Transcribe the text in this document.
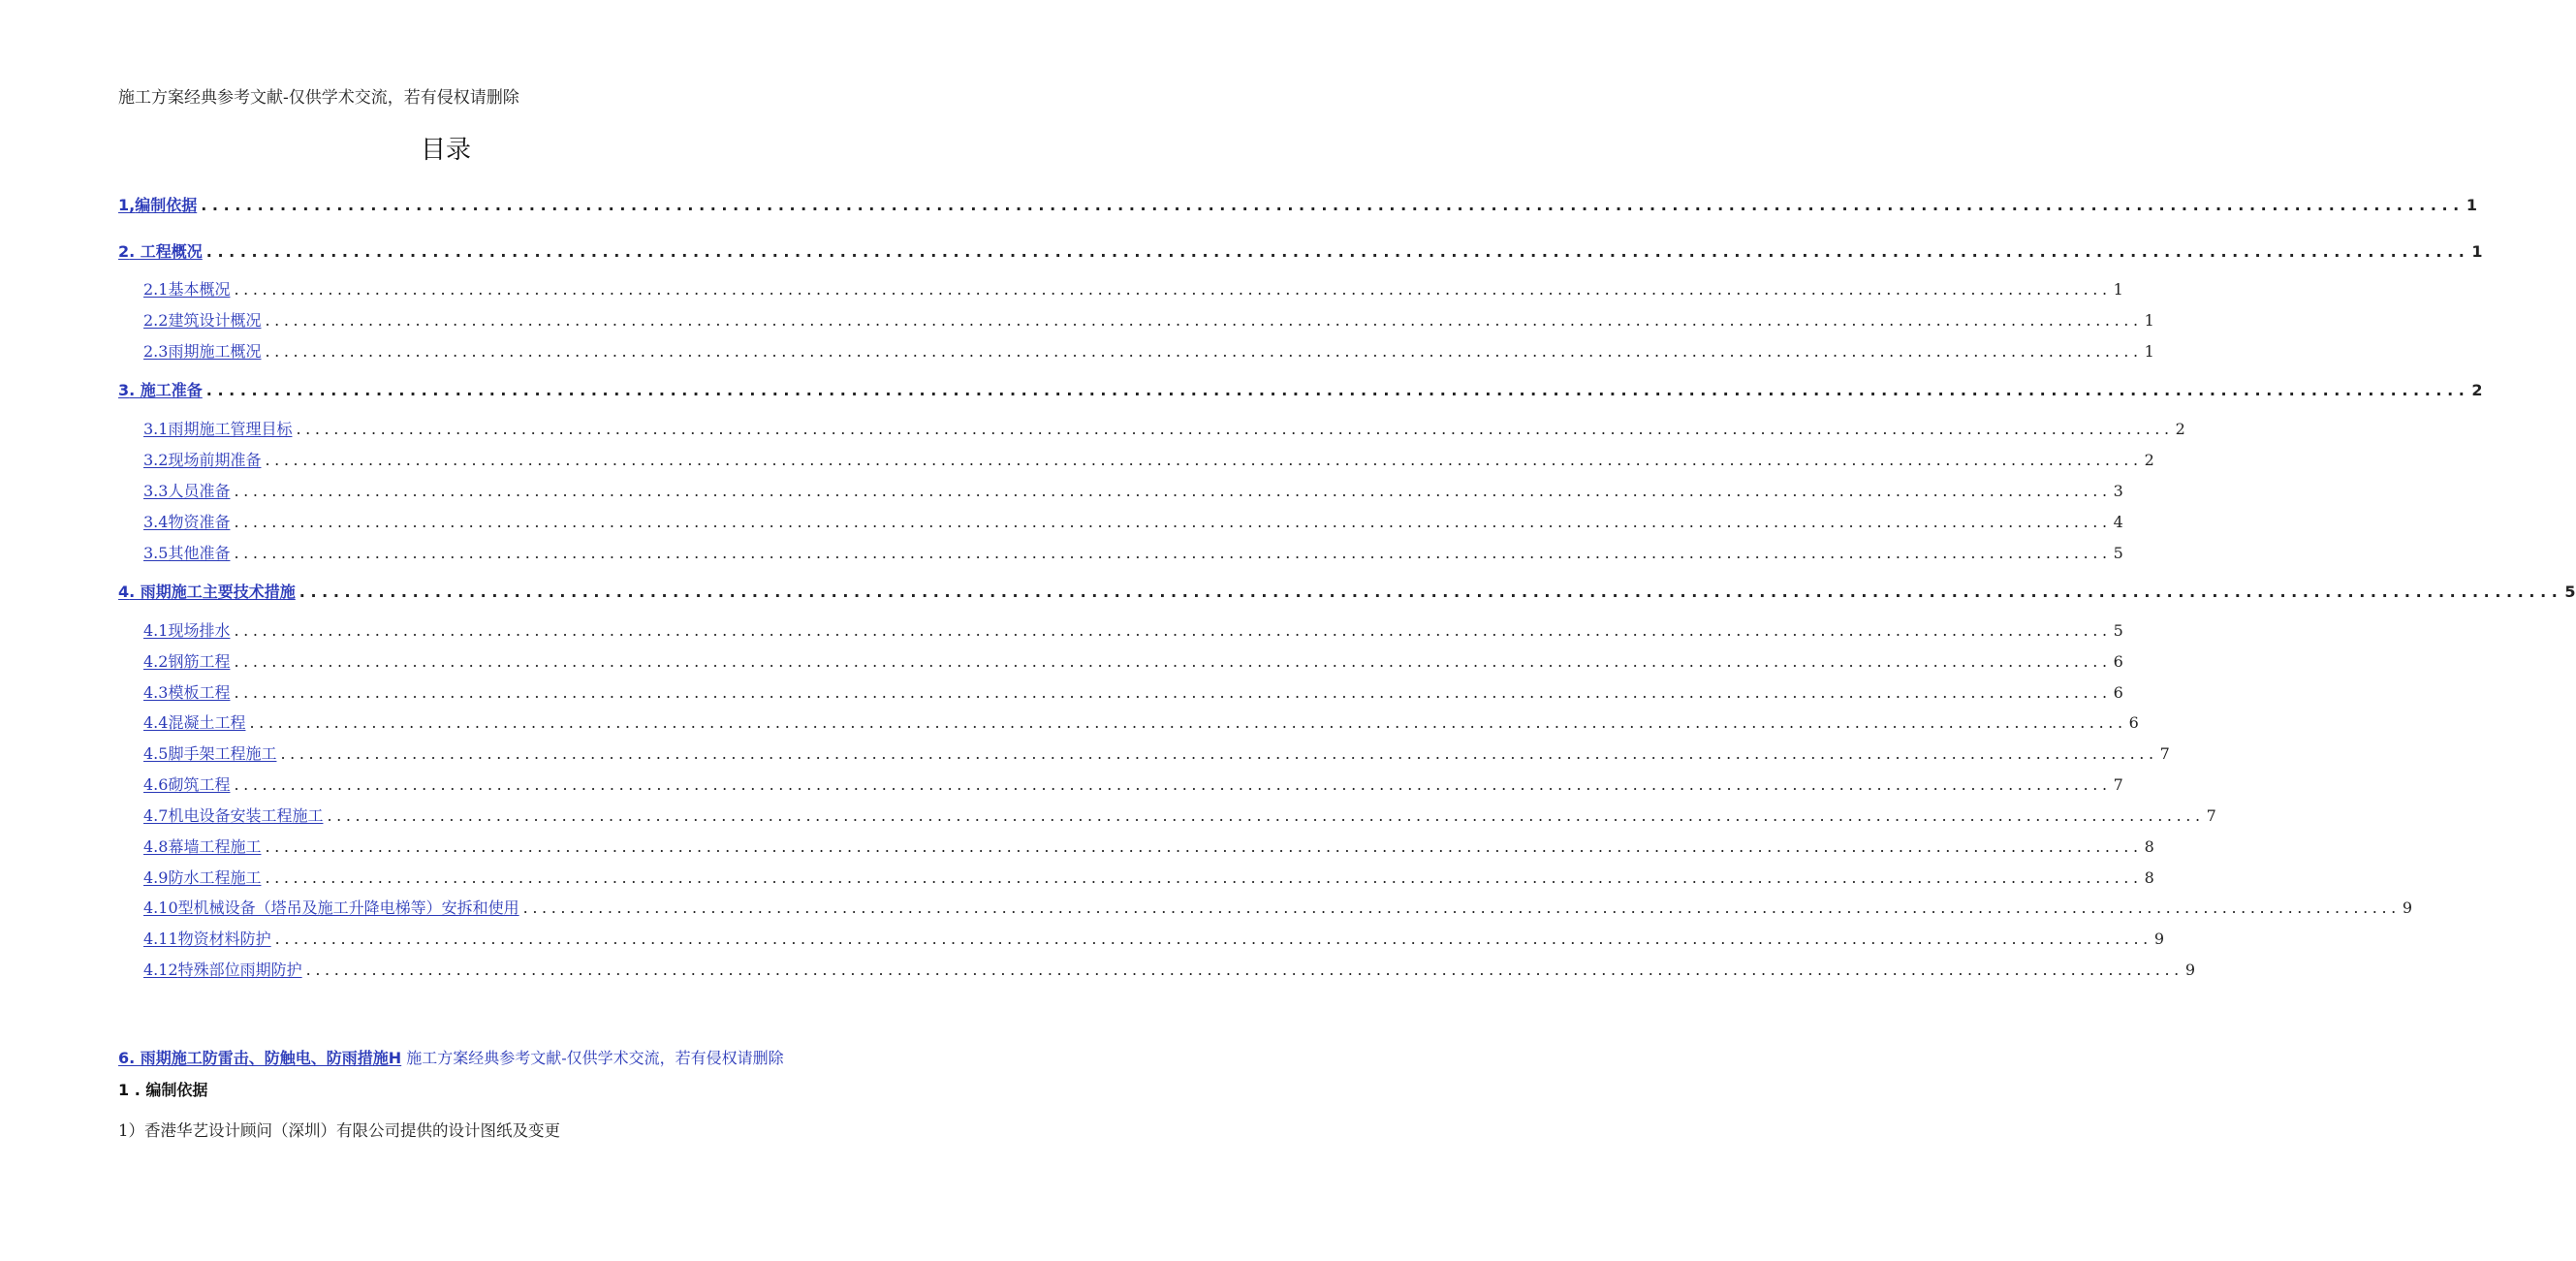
施工方案经典参考文献-仅供学术交流，若有侵权请删除
目录
1, 编制依据 ........................................................................................................................................................................................................ 1
2 . 工程概况 ........................................................................................................................................................................................................ 1
2.1 基本概况 ........................................................................................................................................................................................................ 1
2.2 建筑设计概况 ........................................................................................................................................................................................................ 1
2.3 雨期施工概况 ........................................................................................................................................................................................................ 1
3 . 施工准备 ........................................................................................................................................................................................................ 2
3.1 雨期施工管理目标 ........................................................................................................................................................................................................ 2
3.2 现场前期准备 ........................................................................................................................................................................................................ 2
3.3 人员准备 ........................................................................................................................................................................................................ 3
3.4 物资准备 ........................................................................................................................................................................................................ 4
3.5 其他准备 ........................................................................................................................................................................................................ 5
4 . 雨期施工主要技术措施 ........................................................................................................................................................................................................ 5
4.1 现场排水 ........................................................................................................................................................................................................ 5
4.2 钢筋工程 ........................................................................................................................................................................................................ 6
4.3 模板工程 ........................................................................................................................................................................................................ 6
4.4 混凝土工程 ........................................................................................................................................................................................................ 6
4.5 脚手架工程施工 ........................................................................................................................................................................................................ 7
4.6 砌筑工程 ........................................................................................................................................................................................................ 7
4.7 机电设备安装工程施工 ........................................................................................................................................................................................................ 7
4.8 幕墙工程施工 ........................................................................................................................................................................................................ 8
4.9 防水工程施工 ........................................................................................................................................................................................................ 8
4.10 型机械设备（塔吊及施工升降电梯等）安拆和使用 ........................................................................................................................................................................................................ 9
4.11 物资材料防护 ........................................................................................................................................................................................................ 9
4.12 特殊部位雨期防护 ........................................................................................................................................................................................................ 9
6. 雨期施工防雷击、防触电、防雨措施H 施工方案经典参考文献-仅供学术交流，若有侵权请删除
1 . 编制依据
1）香港华艺设计顾问（深圳）有限公司提供的设计图纸及变更
